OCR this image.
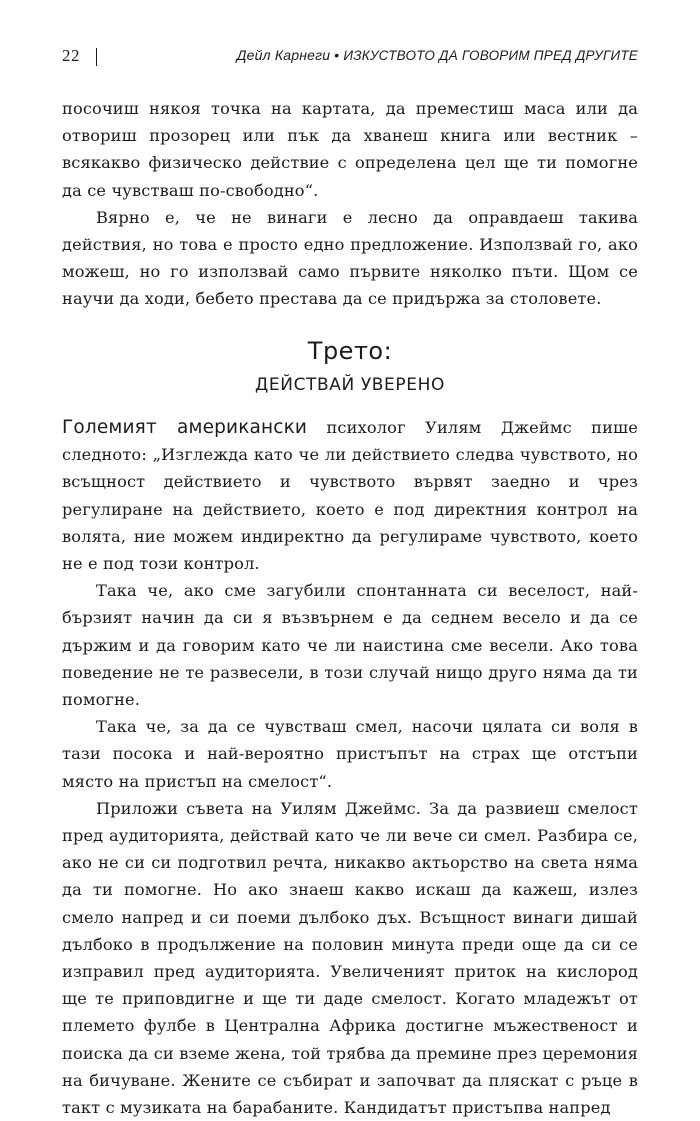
22	Дейл Карнеги • ИЗКУСТВОТО ДА ГОВОРИМ ПРЕД ДРУГИТЕ

посочиш някоя точка на картата, да преместиш маса или да отвориш прозорец или пък да хванеш книга или вестник – всякакво физическо действие с определена цел ще ти помогне да се чувстваш по-свободно“.

Вярно е, че не винаги е лесно да оправдаеш такива действия, но това е просто едно предложение. Използвай го, ако можеш, но го използвай само първите няколко пъти. Щом се научи да ходи, бебето престава да се придържа за столовете.

Трето:
ДЕЙСТВАЙ УВЕРЕНО

Големият американски психолог Уилям Джеймс пише следното: „Изглежда като че ли действието следва чувството, но всъщност действието и чувството вървят заедно и чрез регулиране на действието, което е под директния контрол на волята, ние можем индиректно да регулираме чувството, което не е под този контрол.

Така че, ако сме загубили спонтанната си веселост, най-бързият начин да си я възвърнем е да седнем весело и да се държим и да говорим като че ли наистина сме весели. Ако това поведение не те развесели, в този случай нищо друго няма да ти помогне.

Така че, за да се чувстваш смел, насочи цялата си воля в тази посока и най-вероятно пристъпът на страх ще отстъпи място на пристъп на смелост“.

Приложи съвета на Уилям Джеймс. За да развиеш смелост пред аудиторията, действай като че ли вече си смел. Разбира се, ако не си си подготвил речта, никакво актьорство на света няма да ти помогне. Но ако знаеш какво искаш да кажеш, излез смело напред и си поеми дълбоко дъх. Всъщност винаги дишай дълбоко в продължение на половин минута преди още да си се изправил пред аудиторията. Увеличеният приток на кислород ще те приповдигне и ще ти даде смелост. Когато младежът от племето фулбе в Централна Африка достигне мъжественост и поиска да си вземе жена, той трябва да премине през церемония на бичуване. Жените се събират и започват да пляскат с ръце в такт с музиката на барабаните. Кандидатът пристъпва напред
